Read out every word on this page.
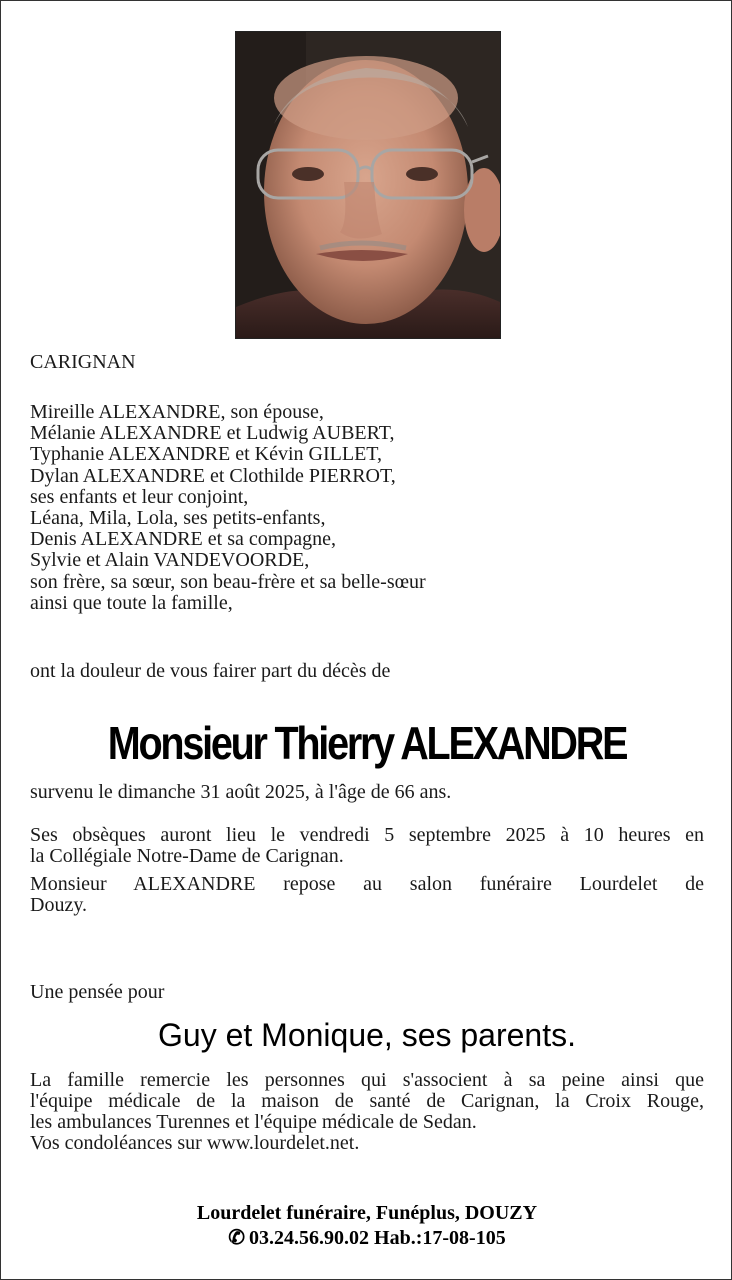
CARIGNAN
Mireille ALEXANDRE, son épouse,
Mélanie ALEXANDRE et Ludwig AUBERT,
Typhanie ALEXANDRE et Kévin GILLET,
Dylan ALEXANDRE et Clothilde PIERROT,
ses enfants et leur conjoint,
Léana, Mila, Lola, ses petits-enfants,
Denis ALEXANDRE et sa compagne,
Sylvie et Alain VANDEVOORDE,
son frère, sa sœur, son beau-frère et sa belle-sœur
ainsi que toute la famille,
ont la douleur de vous fairer part du décès de
Monsieur Thierry ALEXANDRE
survenu le dimanche 31 août 2025, à l'âge de 66 ans.
Ses obsèques auront lieu le vendredi 5 septembre 2025 à 10 heures en
la Collégiale Notre-Dame de Carignan.
Monsieur ALEXANDRE repose au salon funéraire Lourdelet de
Douzy.
Une pensée pour
Guy et Monique, ses parents.
La famille remercie les personnes qui s'associent à sa peine ainsi que
l'équipe médicale de la maison de santé de Carignan, la Croix Rouge,
les ambulances Turennes et l'équipe médicale de Sedan.
Vos condoléances sur www.lourdelet.net.
Lourdelet funéraire, Funéplus, DOUZY
✆ 03.24.56.90.02 Hab.:17-08-105
